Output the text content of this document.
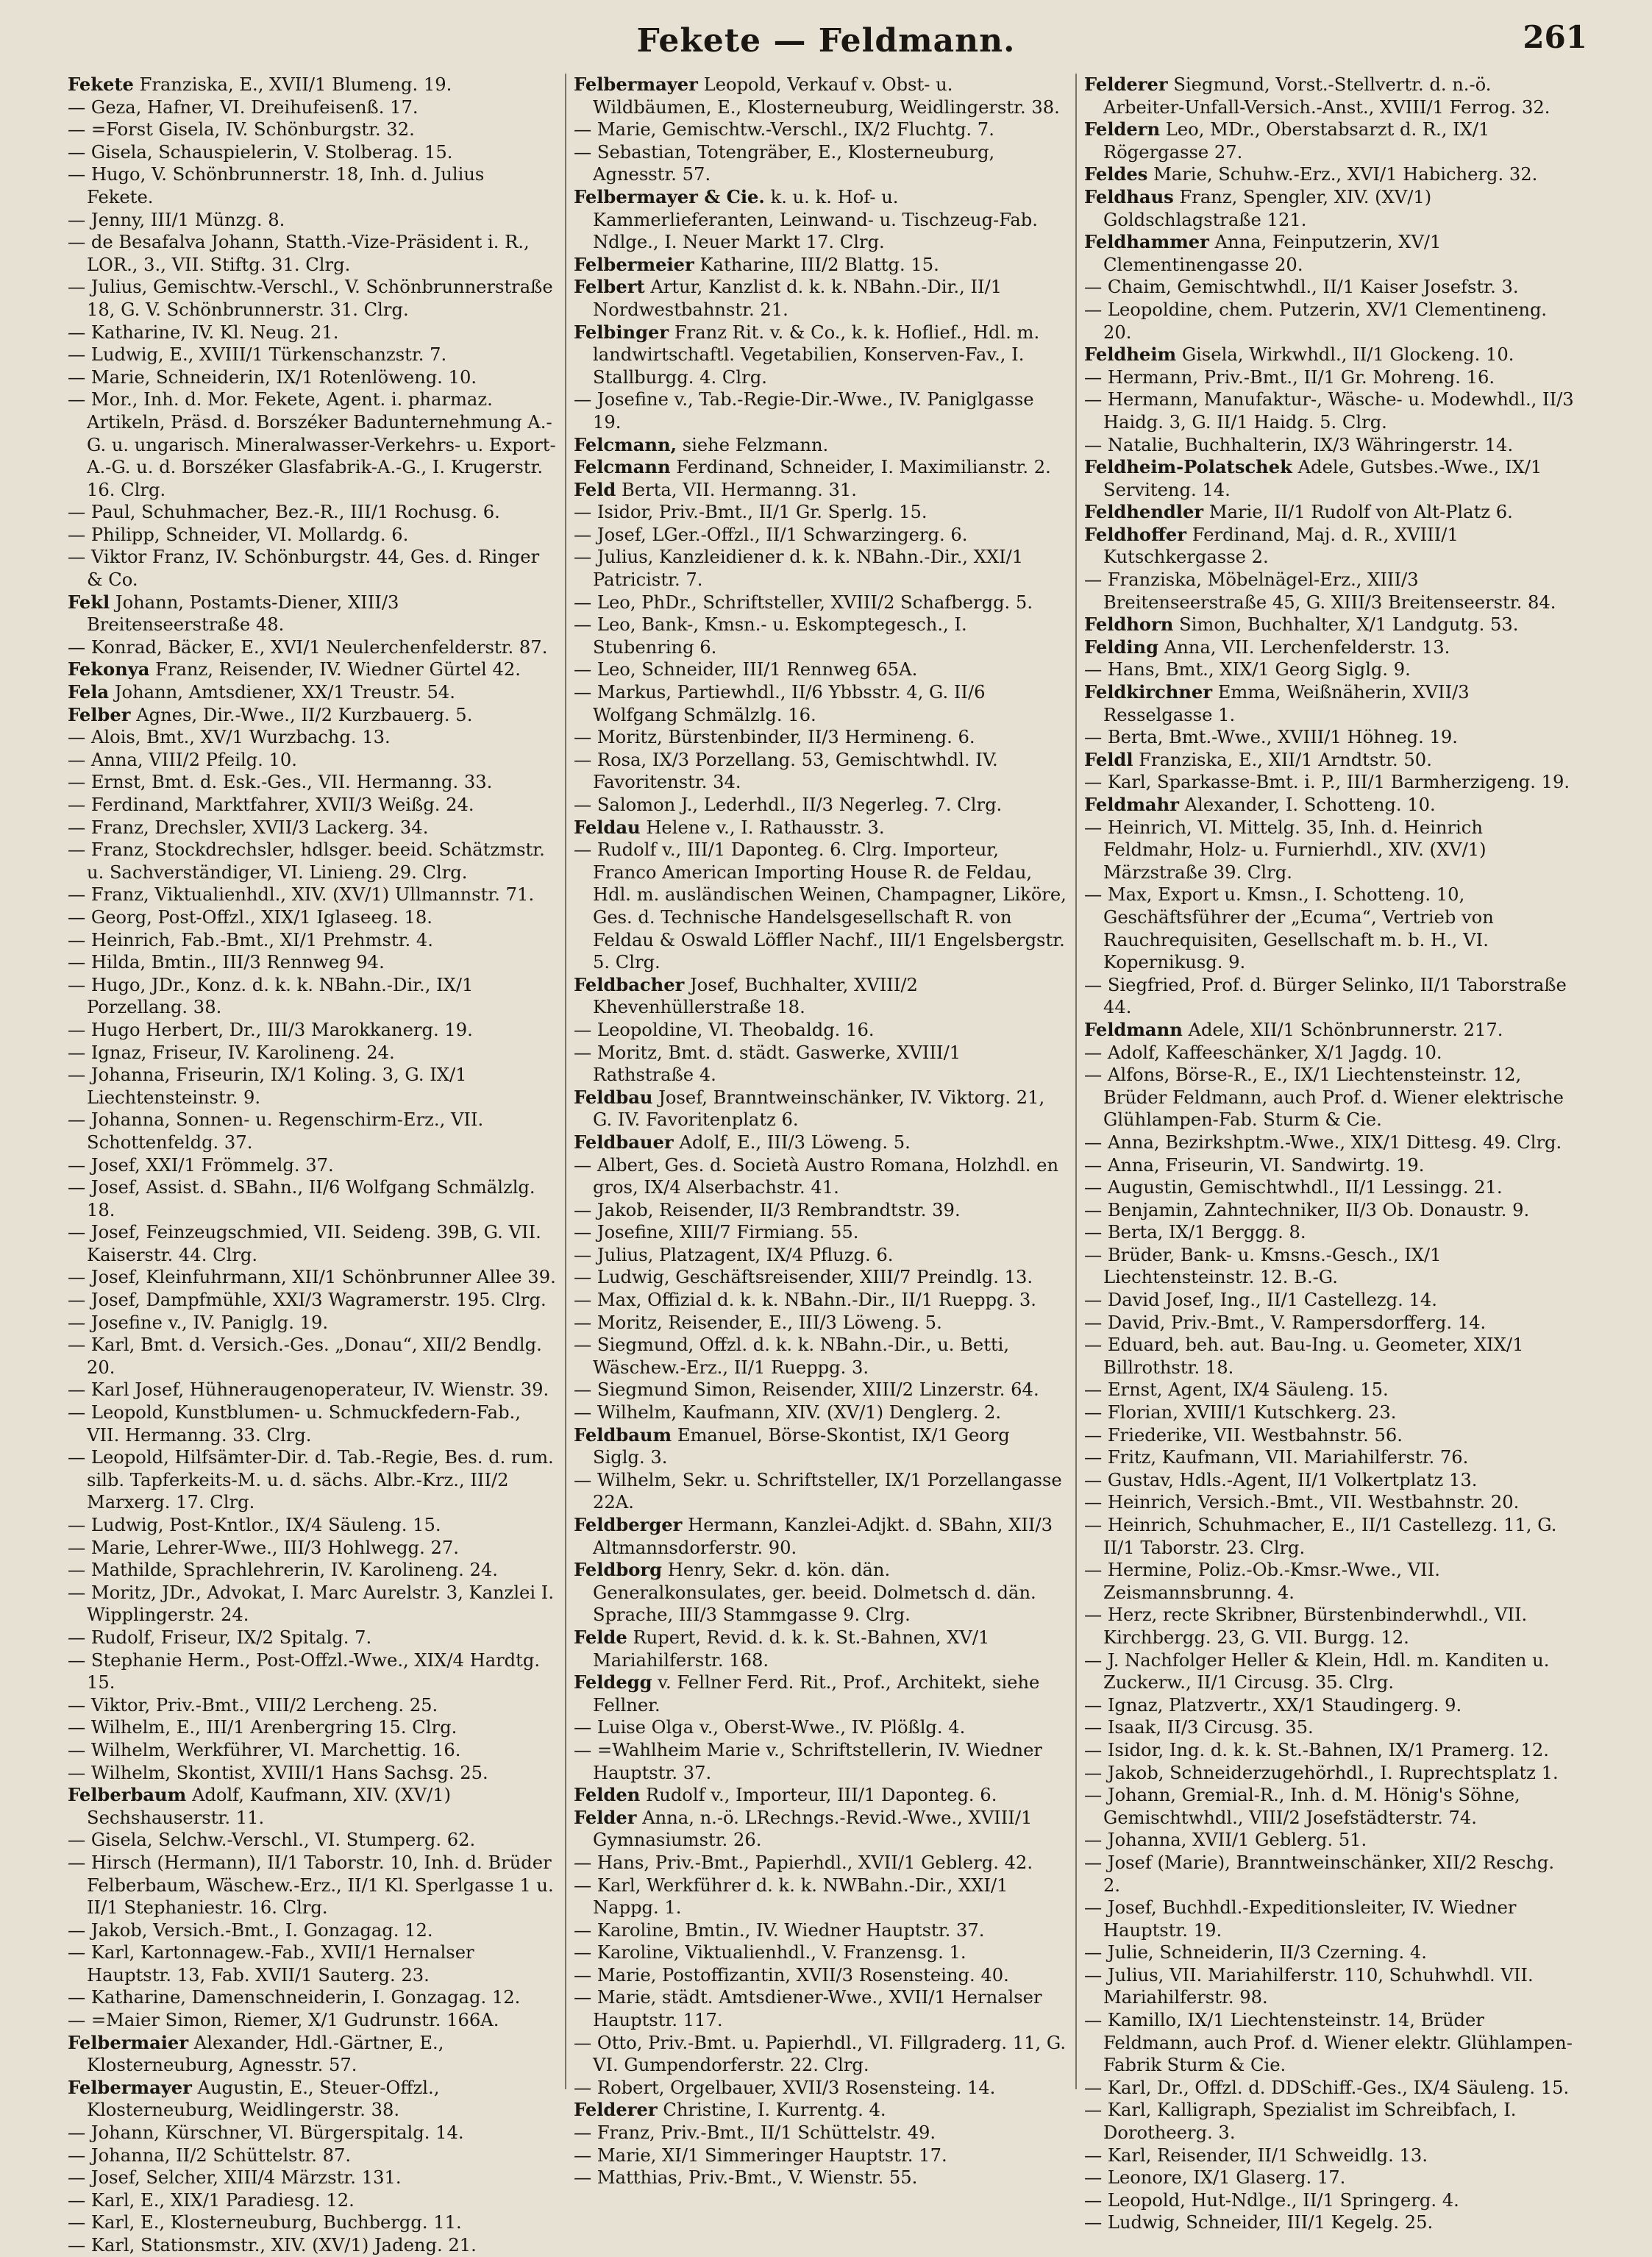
Fekete — Feldmann.	261

Fekete Franziska, E., XVII/1 Blumeng. 19.

— Geza, Hafner, VI. Dreihufeisenß. 17.

— =Forst Gisela, IV. Schönburgstr. 32.

— Gisela, Schauspielerin, V. Stolberag. 15.

— Hugo, V. Schönbrunnerstr. 18, Inh. d. Julius Fekete.

— Jenny, III/1 Münzg. 8.

— de Besafalva Johann, Statth.-Vize-Präsident i. R., LOR., 3., VII. Stiftg. 31. Clrg.

— Julius, Gemischtw.-Verschl., V. Schönbrunnerstraße 18, G. V. Schönbrunnerstr. 31. Clrg.

— Katharine, IV. Kl. Neug. 21.

— Ludwig, E., XVIII/1 Türkenschanzstr. 7.

— Marie, Schneiderin, IX/1 Rotenlöweng. 10.

— Mor., Inh. d. Mor. Fekete, Agent. i. pharmaz. Artikeln, Präsd. d. Borszéker Badunternehmung A.-G. u. ungarisch. Mineralwasser-Verkehrs- u. Export-A.-G. u. d. Borszéker Glasfabrik-A.-G., I. Krugerstr. 16. Clrg.

— Paul, Schuhmacher, Bez.-R., III/1 Rochusg. 6.

— Philipp, Schneider, VI. Mollardg. 6.

— Viktor Franz, IV. Schönburgstr. 44, Ges. d. Ringer & Co.

Fekl Johann, Postamts-Diener, XIII/3 Breitenseerstraße 48.

— Konrad, Bäcker, E., XVI/1 Neulerchenfelderstr. 87.

Fekonya Franz, Reisender, IV. Wiedner Gürtel 42.

Fela Johann, Amtsdiener, XX/1 Treustr. 54.

Felber Agnes, Dir.-Wwe., II/2 Kurzbauerg. 5.

— Alois, Bmt., XV/1 Wurzbachg. 13.

— Anna, VIII/2 Pfeilg. 10.

— Ernst, Bmt. d. Esk.-Ges., VII. Hermanng. 33.

— Ferdinand, Marktfahrer, XVII/3 Weißg. 24.

— Franz, Drechsler, XVII/3 Lackerg. 34.

— Franz, Stockdrechsler, hdlsger. beeid. Schätzmstr. u. Sachverständiger, VI. Linieng. 29. Clrg.

— Franz, Viktualienhdl., XIV. (XV/1) Ullmannstr. 71.

— Georg, Post-Offzl., XIX/1 Iglaseeg. 18.

— Heinrich, Fab.-Bmt., XI/1 Prehmstr. 4.

— Hilda, Bmtin., III/3 Rennweg 94.

— Hugo, JDr., Konz. d. k. k. NBahn.-Dir., IX/1 Porzellang. 38.

— Hugo Herbert, Dr., III/3 Marokkanerg. 19.

— Ignaz, Friseur, IV. Karolineng. 24.

— Johanna, Friseurin, IX/1 Koling. 3, G. IX/1 Liechtensteinstr. 9.

— Johanna, Sonnen- u. Regenschirm-Erz., VII. Schottenfeldg. 37.

— Josef, XXI/1 Frömmelg. 37.

— Josef, Assist. d. SBahn., II/6 Wolfgang Schmälzlg. 18.

— Josef, Feinzeugschmied, VII. Seideng. 39B, G. VII. Kaiserstr. 44. Clrg.

— Josef, Kleinfuhrmann, XII/1 Schönbrunner Allee 39.

— Josef, Dampfmühle, XXI/3 Wagramerstr. 195. Clrg.

— Josefine v., IV. Paniglg. 19.

— Karl, Bmt. d. Versich.-Ges. „Donau“, XII/2 Bendlg. 20.

— Karl Josef, Hühneraugenoperateur, IV. Wienstr. 39.

— Leopold, Kunstblumen- u. Schmuckfedern-Fab., VII. Hermanng. 33. Clrg.

— Leopold, Hilfsämter-Dir. d. Tab.-Regie, Bes. d. rum. silb. Tapferkeits-M. u. d. sächs. Albr.-Krz., III/2 Marxerg. 17. Clrg.

— Ludwig, Post-Kntlor., IX/4 Säuleng. 15.

— Marie, Lehrer-Wwe., III/3 Hohlwegg. 27.

— Mathilde, Sprachlehrerin, IV. Karolineng. 24.

— Moritz, JDr., Advokat, I. Marc Aurelstr. 3, Kanzlei I. Wipplingerstr. 24.

— Rudolf, Friseur, IX/2 Spitalg. 7.

— Stephanie Herm., Post-Offzl.-Wwe., XIX/4 Hardtg. 15.

— Viktor, Priv.-Bmt., VIII/2 Lercheng. 25.

— Wilhelm, E., III/1 Arenbergring 15. Clrg.

— Wilhelm, Werkführer, VI. Marchettig. 16.

— Wilhelm, Skontist, XVIII/1 Hans Sachsg. 25.

Felberbaum Adolf, Kaufmann, XIV. (XV/1) Sechshauserstr. 11.

— Gisela, Selchw.-Verschl., VI. Stumperg. 62.

— Hirsch (Hermann), II/1 Taborstr. 10, Inh. d. Brüder Felberbaum, Wäschew.-Erz., II/1 Kl. Sperlgasse 1 u. II/1 Stephaniestr. 16. Clrg.

— Jakob, Versich.-Bmt., I. Gonzagag. 12.

— Karl, Kartonnagew.-Fab., XVII/1 Hernalser Hauptstr. 13, Fab. XVII/1 Sauterg. 23.

— Katharine, Damenschneiderin, I. Gonzagag. 12.

— =Maier Simon, Riemer, X/1 Gudrunstr. 166A.

Felbermaier Alexander, Hdl.-Gärtner, E., Klosterneuburg, Agnesstr. 57.

Felbermayer Augustin, E., Steuer-Offzl., Klosterneuburg, Weidlingerstr. 38.

— Johann, Kürschner, VI. Bürgerspitalg. 14.

— Johanna, II/2 Schüttelstr. 87.

— Josef, Selcher, XIII/4 Märzstr. 131.

— Karl, E., XIX/1 Paradiesg. 12.

— Karl, E., Klosterneuburg, Buchbergg. 11.

— Karl, Stationsmstr., XIV. (XV/1) Jadeng. 21.

Felbermayer Leopold, Verkauf v. Obst- u. Wildbäumen, E., Klosterneuburg, Weidlingerstr. 38.

— Marie, Gemischtw.-Verschl., IX/2 Fluchtg. 7.

— Sebastian, Totengräber, E., Klosterneuburg, Agnesstr. 57.

Felbermayer & Cie. k. u. k. Hof- u. Kammerlieferanten, Leinwand- u. Tischzeug-Fab. Ndlge., I. Neuer Markt 17. Clrg.

Felbermeier Katharine, III/2 Blattg. 15.

Felbert Artur, Kanzlist d. k. k. NBahn.-Dir., II/1 Nordwestbahnstr. 21.

Felbinger Franz Rit. v. & Co., k. k. Hoflief., Hdl. m. landwirtschaftl. Vegetabilien, Konserven-Fav., I. Stallburgg. 4. Clrg.

— Josefine v., Tab.-Regie-Dir.-Wwe., IV. Paniglgasse 19.

Felcmann, siehe Felzmann.

Felcmann Ferdinand, Schneider, I. Maximilianstr. 2.

Feld Berta, VII. Hermanng. 31.

— Isidor, Priv.-Bmt., II/1 Gr. Sperlg. 15.

— Josef, LGer.-Offzl., II/1 Schwarzingerg. 6.

— Julius, Kanzleidiener d. k. k. NBahn.-Dir., XXI/1 Patricistr. 7.

— Leo, PhDr., Schriftsteller, XVIII/2 Schafbergg. 5.

— Leo, Bank-, Kmsn.- u. Eskomptegesch., I. Stubenring 6.

— Leo, Schneider, III/1 Rennweg 65A.

— Markus, Partiewhdl., II/6 Ybbsstr. 4, G. II/6 Wolfgang Schmälzlg. 16.

— Moritz, Bürstenbinder, II/3 Hermineng. 6.

— Rosa, IX/3 Porzellang. 53, Gemischtwhdl. IV. Favoritenstr. 34.

— Salomon J., Lederhdl., II/3 Negerleg. 7. Clrg.

Feldau Helene v., I. Rathausstr. 3.

— Rudolf v., III/1 Daponteg. 6. Clrg. Importeur, Franco American Importing House R. de Feldau, Hdl. m. ausländischen Weinen, Champagner, Liköre, Ges. d. Technische Handelsgesellschaft R. von Feldau & Oswald Löffler Nachf., III/1 Engelsbergstr. 5. Clrg.

Feldbacher Josef, Buchhalter, XVIII/2 Khevenhüllerstraße 18.

— Leopoldine, VI. Theobaldg. 16.

— Moritz, Bmt. d. städt. Gaswerke, XVIII/1 Rathstraße 4.

Feldbau Josef, Branntweinschänker, IV. Viktorg. 21, G. IV. Favoritenplatz 6.

Feldbauer Adolf, E., III/3 Löweng. 5.

— Albert, Ges. d. Società Austro Romana, Holzhdl. en gros, IX/4 Alserbachstr. 41.

— Jakob, Reisender, II/3 Rembrandtstr. 39.

— Josefine, XIII/7 Firmiang. 55.

— Julius, Platzagent, IX/4 Pfluzg. 6.

— Ludwig, Geschäftsreisender, XIII/7 Preindlg. 13.

— Max, Offizial d. k. k. NBahn.-Dir., II/1 Rueppg. 3.

— Moritz, Reisender, E., III/3 Löweng. 5.

— Siegmund, Offzl. d. k. k. NBahn.-Dir., u. Betti, Wäschew.-Erz., II/1 Rueppg. 3.

— Siegmund Simon, Reisender, XIII/2 Linzerstr. 64.

— Wilhelm, Kaufmann, XIV. (XV/1) Denglerg. 2.

Feldbaum Emanuel, Börse-Skontist, IX/1 Georg Siglg. 3.

— Wilhelm, Sekr. u. Schriftsteller, IX/1 Porzellangasse 22A.

Feldberger Hermann, Kanzlei-Adjkt. d. SBahn, XII/3 Altmannsdorferstr. 90.

Feldborg Henry, Sekr. d. kön. dän. Generalkonsulates, ger. beeid. Dolmetsch d. dän. Sprache, III/3 Stammgasse 9. Clrg.

Felde Rupert, Revid. d. k. k. St.-Bahnen, XV/1 Mariahilferstr. 168.

Feldegg v. Fellner Ferd. Rit., Prof., Architekt, siehe Fellner.

— Luise Olga v., Oberst-Wwe., IV. Plößlg. 4.

— =Wahlheim Marie v., Schriftstellerin, IV. Wiedner Hauptstr. 37.

Felden Rudolf v., Importeur, III/1 Daponteg. 6.

Felder Anna, n.-ö. LRechngs.-Revid.-Wwe., XVIII/1 Gymnasiumstr. 26.

— Hans, Priv.-Bmt., Papierhdl., XVII/1 Geblerg. 42.

— Karl, Werkführer d. k. k. NWBahn.-Dir., XXI/1 Nappg. 1.

— Karoline, Bmtin., IV. Wiedner Hauptstr. 37.

— Karoline, Viktualienhdl., V. Franzensg. 1.

— Marie, Postoffizantin, XVII/3 Rosensteing. 40.

— Marie, städt. Amtsdiener-Wwe., XVII/1 Hernalser Hauptstr. 117.

— Otto, Priv.-Bmt. u. Papierhdl., VI. Fillgraderg. 11, G. VI. Gumpendorferstr. 22. Clrg.

— Robert, Orgelbauer, XVII/3 Rosensteing. 14.

Felderer Christine, I. Kurrentg. 4.

— Franz, Priv.-Bmt., II/1 Schüttelstr. 49.

— Marie, XI/1 Simmeringer Hauptstr. 17.

— Matthias, Priv.-Bmt., V. Wienstr. 55.

Felderer Siegmund, Vorst.-Stellvertr. d. n.-ö. Arbeiter-Unfall-Versich.-Anst., XVIII/1 Ferrog. 32.

Feldern Leo, MDr., Oberstabsarzt d. R., IX/1 Rögergasse 27.

Feldes Marie, Schuhw.-Erz., XVI/1 Habicherg. 32.

Feldhaus Franz, Spengler, XIV. (XV/1) Goldschlagstraße 121.

Feldhammer Anna, Feinputzerin, XV/1 Clementinengasse 20.

— Chaim, Gemischtwhdl., II/1 Kaiser Josefstr. 3.

— Leopoldine, chem. Putzerin, XV/1 Clementineng. 20.

Feldheim Gisela, Wirkwhdl., II/1 Glockeng. 10.

— Hermann, Priv.-Bmt., II/1 Gr. Mohreng. 16.

— Hermann, Manufaktur-, Wäsche- u. Modewhdl., II/3 Haidg. 3, G. II/1 Haidg. 5. Clrg.

— Natalie, Buchhalterin, IX/3 Währingerstr. 14.

Feldheim-Polatschek Adele, Gutsbes.-Wwe., IX/1 Serviteng. 14.

Feldhendler Marie, II/1 Rudolf von Alt-Platz 6.

Feldhoffer Ferdinand, Maj. d. R., XVIII/1 Kutschkergasse 2.

— Franziska, Möbelnägel-Erz., XIII/3 Breitenseerstraße 45, G. XIII/3 Breitenseerstr. 84.

Feldhorn Simon, Buchhalter, X/1 Landgutg. 53.

Felding Anna, VII. Lerchenfelderstr. 13.

— Hans, Bmt., XIX/1 Georg Siglg. 9.

Feldkirchner Emma, Weißnäherin, XVII/3 Resselgasse 1.

— Berta, Bmt.-Wwe., XVIII/1 Höhneg. 19.

Feldl Franziska, E., XII/1 Arndtstr. 50.

— Karl, Sparkasse-Bmt. i. P., III/1 Barmherzigeng. 19.

Feldmahr Alexander, I. Schotteng. 10.

— Heinrich, VI. Mittelg. 35, Inh. d. Heinrich Feldmahr, Holz- u. Furnierhdl., XIV. (XV/1) Märzstraße 39. Clrg.

— Max, Export u. Kmsn., I. Schotteng. 10, Geschäftsführer der „Ecuma“, Vertrieb von Rauchrequisiten, Gesellschaft m. b. H., VI. Kopernikusg. 9.

— Siegfried, Prof. d. Bürger Selinko, II/1 Taborstraße 44.

Feldmann Adele, XII/1 Schönbrunnerstr. 217.

— Adolf, Kaffeeschänker, X/1 Jagdg. 10.

— Alfons, Börse-R., E., IX/1 Liechtensteinstr. 12, Brüder Feldmann, auch Prof. d. Wiener elektrische Glühlampen-Fab. Sturm & Cie.

— Anna, Bezirkshptm.-Wwe., XIX/1 Dittesg. 49. Clrg.

— Anna, Friseurin, VI. Sandwirtg. 19.

— Augustin, Gemischtwhdl., II/1 Lessingg. 21.

— Benjamin, Zahntechniker, II/3 Ob. Donaustr. 9.

— Berta, IX/1 Berggg. 8.

— Brüder, Bank- u. Kmsns.-Gesch., IX/1 Liechtensteinstr. 12. B.-G.

— David Josef, Ing., II/1 Castellezg. 14.

— David, Priv.-Bmt., V. Rampersdorfferg. 14.

— Eduard, beh. aut. Bau-Ing. u. Geometer, XIX/1 Billrothstr. 18.

— Ernst, Agent, IX/4 Säuleng. 15.

— Florian, XVIII/1 Kutschkerg. 23.

— Friederike, VII. Westbahnstr. 56.

— Fritz, Kaufmann, VII. Mariahilferstr. 76.

— Gustav, Hdls.-Agent, II/1 Volkertplatz 13.

— Heinrich, Versich.-Bmt., VII. Westbahnstr. 20.

— Heinrich, Schuhmacher, E., II/1 Castellezg. 11, G. II/1 Taborstr. 23. Clrg.

— Hermine, Poliz.-Ob.-Kmsr.-Wwe., VII. Zeismannsbrunng. 4.

— Herz, recte Skribner, Bürstenbinderwhdl., VII. Kirchbergg. 23, G. VII. Burgg. 12.

— J. Nachfolger Heller & Klein, Hdl. m. Kanditen u. Zuckerw., II/1 Circusg. 35. Clrg.

— Ignaz, Platzvertr., XX/1 Staudingerg. 9.

— Isaak, II/3 Circusg. 35.

— Isidor, Ing. d. k. k. St.-Bahnen, IX/1 Pramerg. 12.

— Jakob, Schneiderzugehörhdl., I. Ruprechtsplatz 1.

— Johann, Gremial-R., Inh. d. M. Hönig's Söhne, Gemischtwhdl., VIII/2 Josefstädterstr. 74.

— Johanna, XVII/1 Geblerg. 51.

— Josef (Marie), Branntweinschänker, XII/2 Reschg. 2.

— Josef, Buchhdl.-Expeditionsleiter, IV. Wiedner Hauptstr. 19.

— Julie, Schneiderin, II/3 Czerning. 4.

— Julius, VII. Mariahilferstr. 110, Schuhwhdl. VII. Mariahilferstr. 98.

— Kamillo, IX/1 Liechtensteinstr. 14, Brüder Feldmann, auch Prof. d. Wiener elektr. Glühlampen-Fabrik Sturm & Cie.

— Karl, Dr., Offzl. d. DDSchiff.-Ges., IX/4 Säuleng. 15.

— Karl, Kalligraph, Spezialist im Schreibfach, I. Dorotheerg. 3.

— Karl, Reisender, II/1 Schweidlg. 13.

— Leonore, IX/1 Glaserg. 17.

— Leopold, Hut-Ndlge., II/1 Springerg. 4.

— Ludwig, Schneider, III/1 Kegelg. 25.
